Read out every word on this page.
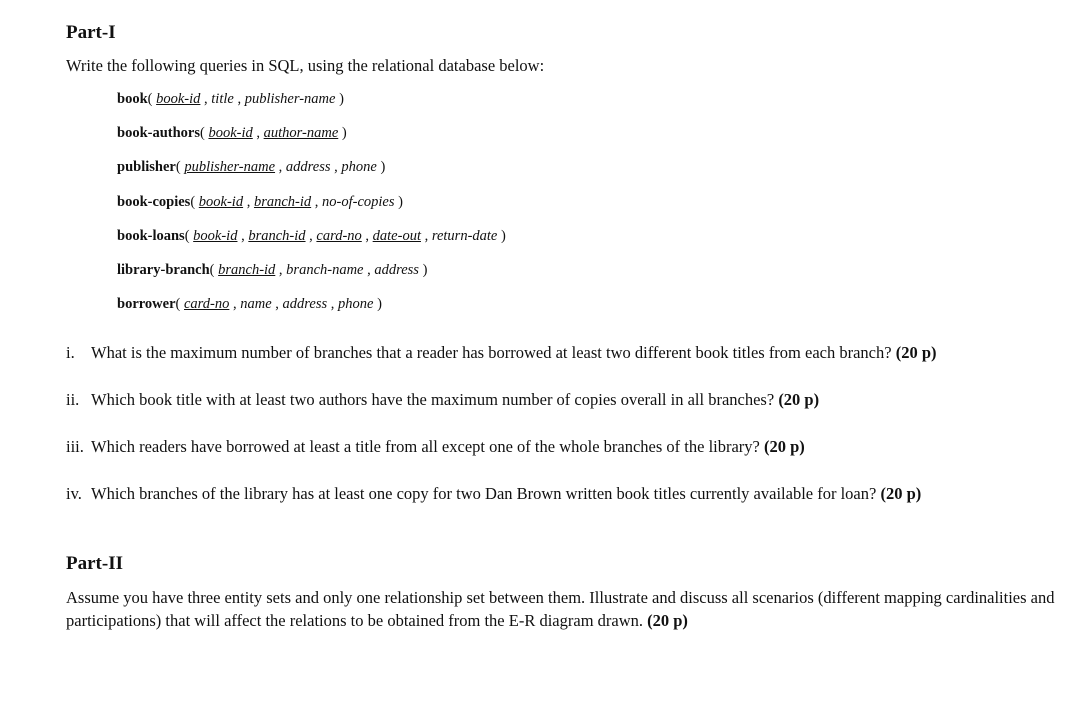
Part-I
Write the following queries in SQL, using the relational database below:
book( book-id , title , publisher-name )
book-authors( book-id , author-name )
publisher( publisher-name , address , phone )
book-copies( book-id , branch-id , no-of-copies )
book-loans( book-id , branch-id , card-no , date-out , return-date )
library-branch( branch-id , branch-name , address )
borrower( card-no , name , address , phone )
i. What is the maximum number of branches that a reader has borrowed at least two different book titles from each branch? (20 p)
ii. Which book title with at least two authors have the maximum number of copies overall in all branches? (20 p)
iii. Which readers have borrowed at least a title from all except one of the whole branches of the library? (20 p)
iv. Which branches of the library has at least one copy for two Dan Brown written book titles currently available for loan? (20 p)
Part-II
Assume you have three entity sets and only one relationship set between them. Illustrate and discuss all scenarios (different mapping cardinalities and participations) that will affect the relations to be obtained from the E-R diagram drawn. (20 p)
